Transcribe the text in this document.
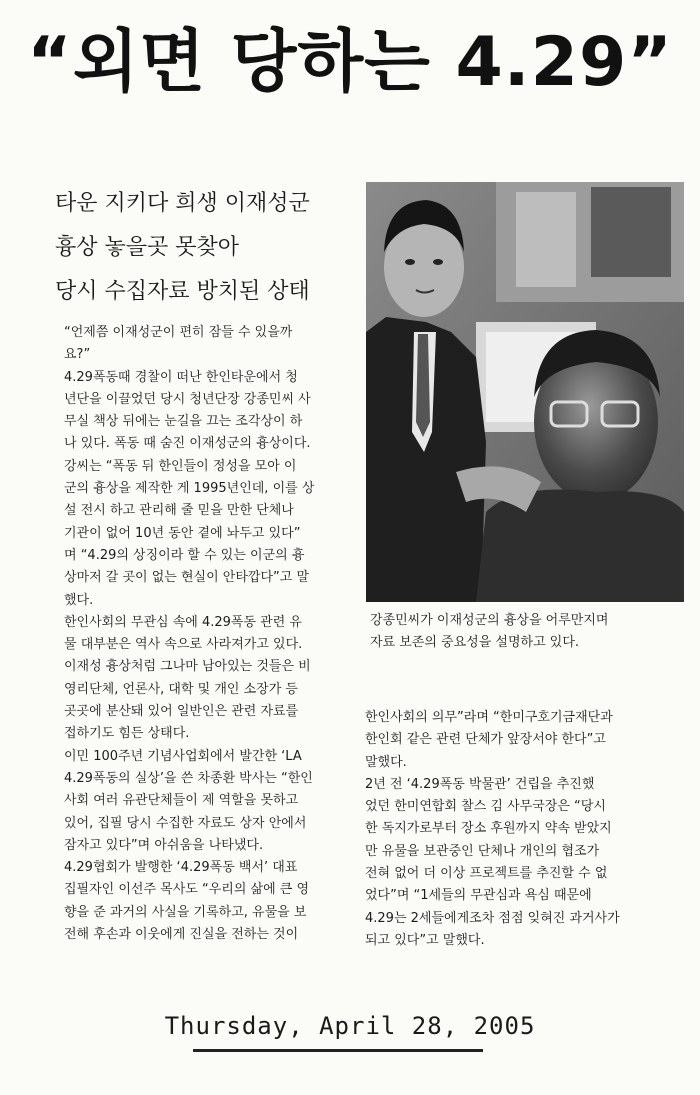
“외면 당하는 4.29”
타운 지키다 희생 이재성군
흉상 놓을곳 못찾아
당시 수집자료 방치된 상태
강종민씨가 이재성군의 흉상을 어루만지며
자료 보존의 중요성을 설명하고 있다.

“언제쯤 이재성군이 편히 잠들 수 있을까
요?”

4.29폭동때 경찰이 떠난 한인타운에서 청
년단을 이끌었던 당시 청년단장 강종민씨 사
무실 책상 뒤에는 눈길을 끄는 조각상이 하
나 있다. 폭동 때 숨진 이재성군의 흉상이다.

강씨는 “폭동 뒤 한인들이 정성을 모아 이
군의 흉상을 제작한 게 1995년인데, 이를 상
설 전시 하고 관리해 줄 믿을 만한 단체나
기관이 없어 10년 동안 곁에 놔두고 있다”
며 “4.29의 상징이라 할 수 있는 이군의 흉
상마저 갈 곳이 없는 현실이 안타깝다”고 말
했다.

한인사회의 무관심 속에 4.29폭동 관련 유
물 대부분은 역사 속으로 사라져가고 있다.
이재성 흉상처럼 그나마 남아있는 것들은 비
영리단체, 언론사, 대학 및 개인 소장가 등
곳곳에 분산돼 있어 일반인은 관련 자료를
접하기도 힘든 상태다.

이민 100주년 기념사업회에서 발간한 ‘LA
4.29폭동의 실상’을 쓴 차종환 박사는 “한인
사회 여러 유관단체들이 제 역할을 못하고
있어, 집필 당시 수집한 자료도 상자 안에서
잠자고 있다”며 아쉬움을 나타냈다.

4.29협회가 발행한 ‘4.29폭동 백서’ 대표
집필자인 이선주 목사도 “우리의 삶에 큰 영
향을 준 과거의 사실을 기록하고, 유물을 보
전해 후손과 이웃에게 진실을 전하는 것이

한인사회의 의무”라며 “한미구호기금재단과
한인회 같은 관련 단체가 앞장서야 한다”고
말했다.

2년 전 ‘4.29폭동 박물관’ 건립을 추진했
었던 한미연합회 찰스 김 사무국장은 “당시
한 독지가로부터 장소 후원까지 약속 받았지
만 유물을 보관중인 단체나 개인의 협조가
전혀 없어 더 이상 프로젝트를 추진할 수 없
었다”며 “1세들의 무관심과 욕심 때문에
4.29는 2세들에게조차 점점 잊혀진 과거사가
되고 있다”고 말했다.

Thursday, April 28, 2005
